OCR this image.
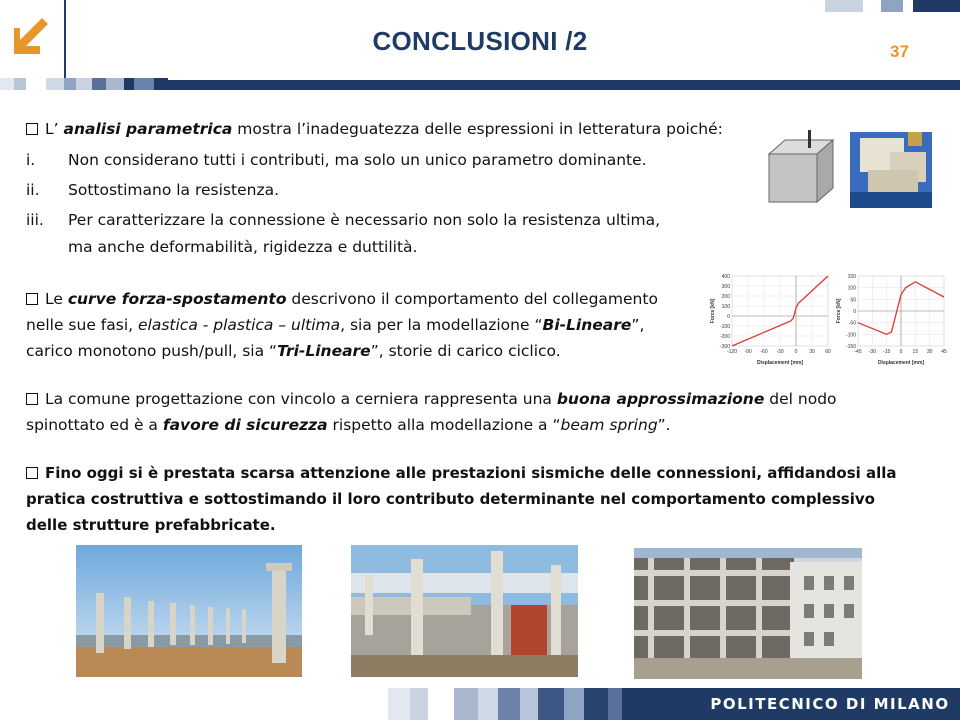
CONCLUSIONI /2	37
L’ analisi parametrica mostra l’inadeguatezza delle espressioni in letteratura poiché:
i. Non considerano tutti i contributi, ma solo un unico parametro dominante.
ii. Sottostimano la resistenza.
iii. Per caratterizzare la connessione è necessario non solo la resistenza ultima,
ma anche deformabilità, rigidezza e duttilità.
Le curve forza-spostamento descrivono il comportamento del collegamento
nelle sue fasi, elastica - plastica – ultima, sia per la modellazione “Bi-Lineare”,
carico monotono push/pull, sia “Tri-Lineare”, storie di carico ciclico.
400
300
200
100
0
-100
-200
-300
-120 -90 -60 -30 0 30 60
Displacement [mm]
Force [kN]
150
100
50
0
-50
-100
-150
-45 -30 -15 0 15 30 45
Displacement [mm]
Force [kN]
La comune progettazione con vincolo a cerniera rappresenta una buona approssimazione del nodo
spinottato ed è a favore di sicurezza rispetto alla modellazione a “beam spring”.
Fino oggi si è prestata scarsa attenzione alle prestazioni sismiche delle connessioni, affidandosi alla
pratica costruttiva e sottostimando il loro contributo determinante nel comportamento complessivo
delle strutture prefabbricate.
POLITECNICO DI MILANO
